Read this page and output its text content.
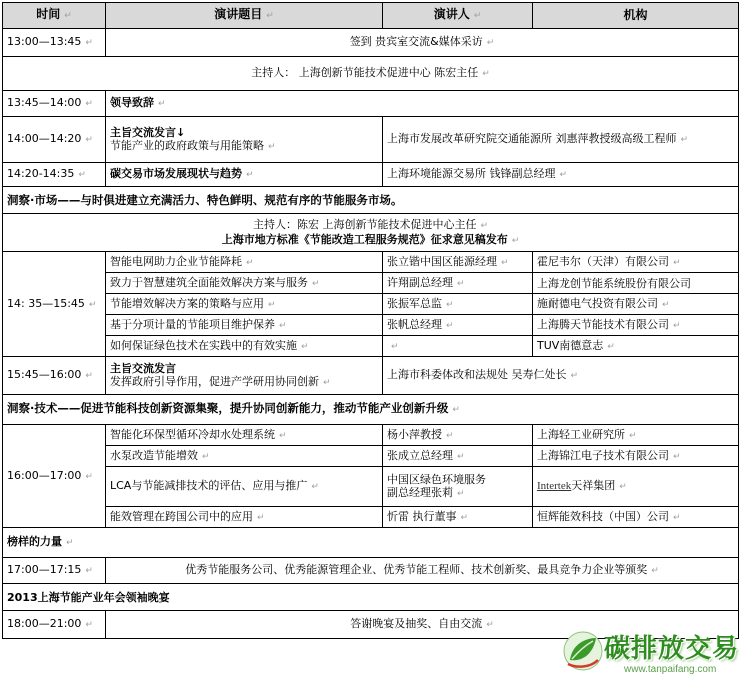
时间 ↵	演讲题目 ↵	演讲人 ↵	机构
13:00—13:45 ↵	签到 贵宾室交流&媒体采访 ↵		
主持人： 上海创新节能技术促进中心 陈宏主任 ↵			
13:45—14:00 ↵	领导致辞 ↵		
14:00—14:20 ↵	主旨交流发言↓
节能产业的政府政策与用能策略 ↵	上海市发展改革研究院交通能源所 刘惠萍教授级高级工程师 ↵	
14:20-14:35 ↵	碳交易市场发展现状与趋势 ↵	上海环境能源交易所 钱锋副总经理 ↵	
洞察·市场——与时俱进建立充满活力、特色鲜明、规范有序的节能服务市场。			

主持人：陈宏 上海创新节能技术促进中心主任 ↵
上海市地方标准《节能改造工程服务规范》征求意见稿发布 ↵			

14: 35—15:45 ↵	智能电网助力企业节能降耗 ↵	张立锴中国区能源经理 ↵	霍尼韦尔（天津）有限公司 ↵
	致力于智慧建筑全面能效解决方案与服务 ↵	许翔副总经理 ↵	上海龙创节能系统股份有限公司
	节能增效解决方案的策略与应用 ↵	张振军总监 ↵	施耐德电气投资有限公司 ↵
	基于分项计量的节能项目维护保养 ↵	张帆总经理 ↵	上海腾天节能技术有限公司 ↵
	如何保证绿色技术在实践中的有效实施 ↵	↵	TUV南德意志 ↵
15:45—16:00 ↵	主旨交流发言
发挥政府引导作用，促进产学研用协同创新 ↵	上海市科委体改和法规处 吴寿仁处长 ↵	
洞察·技术——促进节能科技创新资源集聚，提升协同创新能力，推动节能产业创新升级 ↵			
16:00—17:00 ↵	智能化环保型循环冷却水处理系统 ↵	杨小萍教授 ↵	上海轻工业研究所 ↵
	水泵改造节能增效 ↵	张成立总经理 ↵	上海锦江电子技术有限公司 ↵
	LCA与节能减排技术的评估、应用与推广 ↵	中国区绿色环境服务
副总经理张莉 ↵	Intertek天祥集团 ↵
	能效管理在跨国公司中的应用 ↵	忻雷 执行董事 ↵	恒辉能效科技（中国）公司 ↵
榜样的力量 ↵			
17:00—17:15 ↵	优秀节能服务公司、优秀能源管理企业、优秀节能工程师、技术创新奖、最具竞争力企业等颁奖 ↵		
2013上海节能产业年会领袖晚宴			
18:00—21:00 ↵	答谢晚宴及抽奖、自由交流 ↵		
碳排放交易
www.tanpaifang.com
